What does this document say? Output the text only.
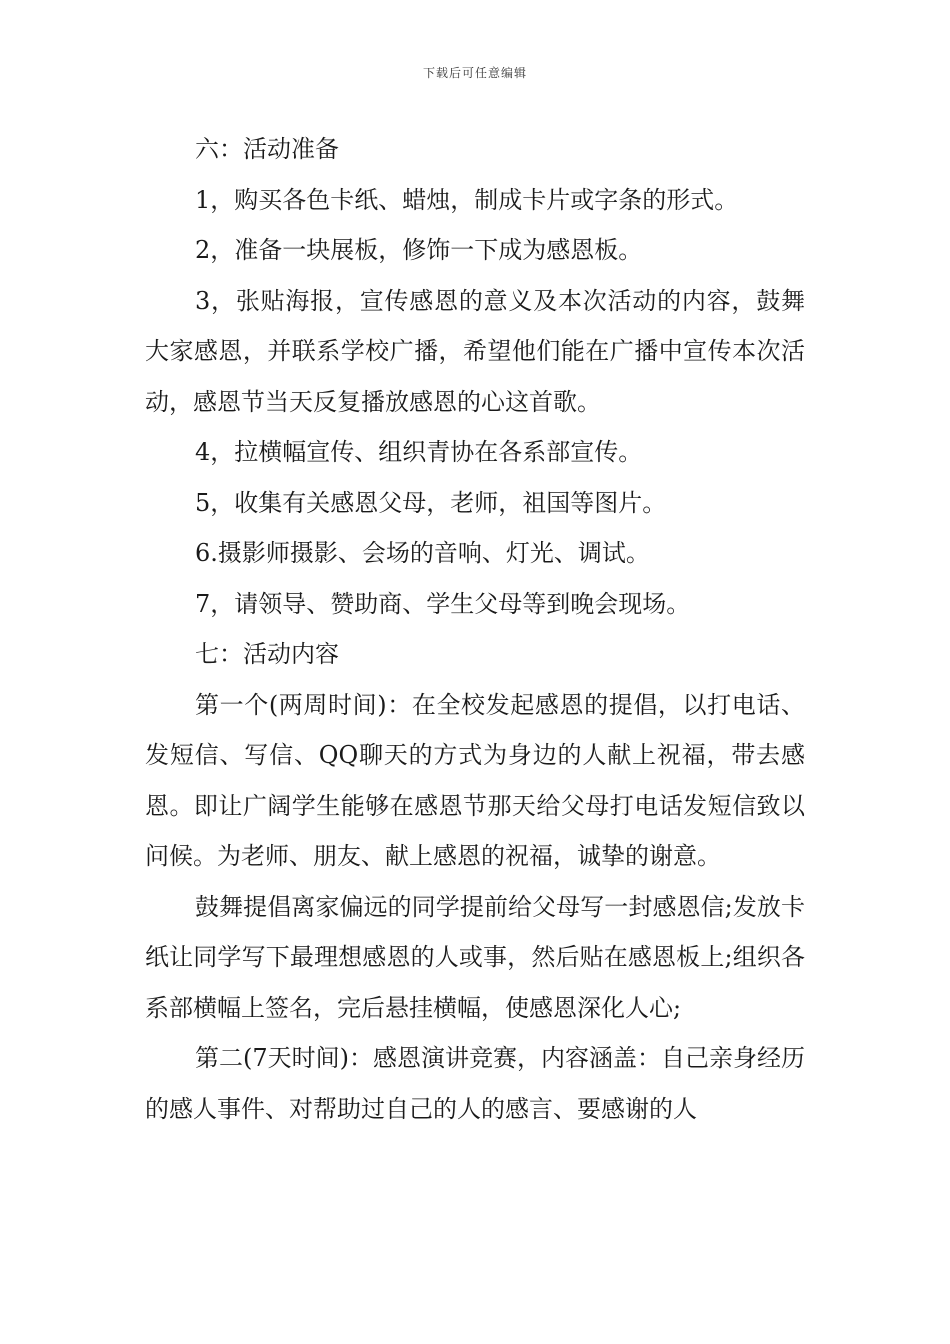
下载后可任意编辑

六：活动准备

1，购买各色卡纸、蜡烛，制成卡片或字条的形式。

2，准备一块展板，修饰一下成为感恩板。

3，张贴海报，宣传感恩的意义及本次活动的内容，鼓舞大家感恩，并联系学校广播，希望他们能在广播中宣传本次活动，感恩节当天反复播放感恩的心这首歌。

4，拉横幅宣传、组织青协在各系部宣传。

5，收集有关感恩父母，老师，祖国等图片。

6.摄影师摄影、会场的音响、灯光、调试。

7，请领导、赞助商、学生父母等到晚会现场。

七：活动内容

第一个(两周时间)：在全校发起感恩的提倡，以打电话、发短信、写信、QQ聊天的方式为身边的人献上祝福，带去感恩。即让广阔学生能够在感恩节那天给父母打电话发短信致以问候。为老师、朋友、献上感恩的祝福，诚挚的谢意。

鼓舞提倡离家偏远的同学提前给父母写一封感恩信;发放卡纸让同学写下最理想感恩的人或事，然后贴在感恩板上;组织各系部横幅上签名，完后悬挂横幅，使感恩深化人心;

第二(7天时间)：感恩演讲竞赛，内容涵盖：自己亲身经历的感人事件、对帮助过自己的人的感言、要感谢的人
